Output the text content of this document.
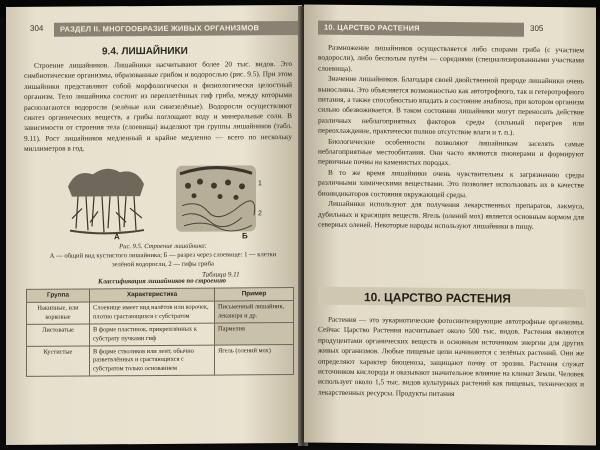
304	РАЗДЕЛ II. МНОГООБРАЗИЕ ЖИВЫХ ОРГАНИЗМОВ
9.4. ЛИШАЙНИКИ

Строение лишайников. Лишайники насчитывают более 20 тыс. видов. Это симбиотические организмы, образованные грибом и водорослью (рис. 9.5). При этом лишайники представляют собой морфологически и физиологически целостный организм. Тело лишайника состоит из переплетённых гиф гриба, между которыми располагаются водоросли (зелёные или синезелёные). Водоросли осуществляют синтез органических веществ, а грибы поглощают воду и минеральные соли. В зависимости от строения тела (слоевища) выделяют три группы лишайников (табл. 9.11). Рост лишайников медленный и крайне медленно — всего по нескольку миллиметров в год.

1
2
А	Б
Рис. 9.5. Строение лишайника:
А — общий вид кустистого лишайника; Б — разрез через слоевище: 1 — клетки зелёной водоросли, 2 — гифы гриба
Таблица 9.11
Классификация лишайников по строению
Группа	Характеристика	Пример
Накипные, или корковые	Слоевище имеет вид налётов или корочек, плотно срастающихся с субстратом	Письменный лишайник, леканора и др.
Листоватые	В форме пластинок, прикреплённых к субстрату пучками гиф	Пармелия
Кустистые	В форме стволиков или лент, обычно разветвлённых и срастающихся с субстратом только основанием	Ягель (олений мох)
10. ЦАРСТВО РАСТЕНИЯ	305

Размножение лишайников осуществляется либо спорами гриба (с участием водоросли), либо бесполым путём — соредиями (специализированными участками слоевища).

Значение лишайников. Благодаря своей двойственной природе лишайники очень выносливы. Это объясняется возможностью как автотрофного, так и гетеротрофного питания, а также способностью впадать в состояние анабиоза, при котором организм сильно обезвоживается. В таком состоянии лишайники могут переносить действие различных неблагоприятных факторов среды (сильный перегрев или переохлаждение, практически полное отсутствие влаги и т. п.).

Биологические особенности позволяют лишайникам заселять самые неблагоприятные местообитания. Они часто являются пионерами и формируют первичные почвы на каменистых породах.

В то же время лишайники очень чувствительны к загрязнению среды различными химическими веществами. Это позволяет использовать их в качестве биоиндикаторов состояния окружающей среды.

Лишайники используют для получения лекарственных препаратов, лакмуса, дубильных и красящих веществ. Ягель (олений мох) является основным кормом для северных оленей. Некоторые народы используют лишайники в пищу.

10. ЦАРСТВО РАСТЕНИЯ

Растения — это эукариотические фотосинтезирующие автотрофные организмы. Сейчас Царство Растения насчитывает около 500 тыс. видов. Растения являются продуцентами органических веществ и основным источником энергии для других живых организмов. Любые пищевые цепи начинаются с зелёных растений. Они же определяют характер биоценоза, защищают почву от эрозии. Растения служат источником кислорода и оказывают значительное влияние на климат Земли. Человек использует около 1,5 тыс. видов культурных растений как пищевых, технических и лекарственных ресурсы. Продукты питания
